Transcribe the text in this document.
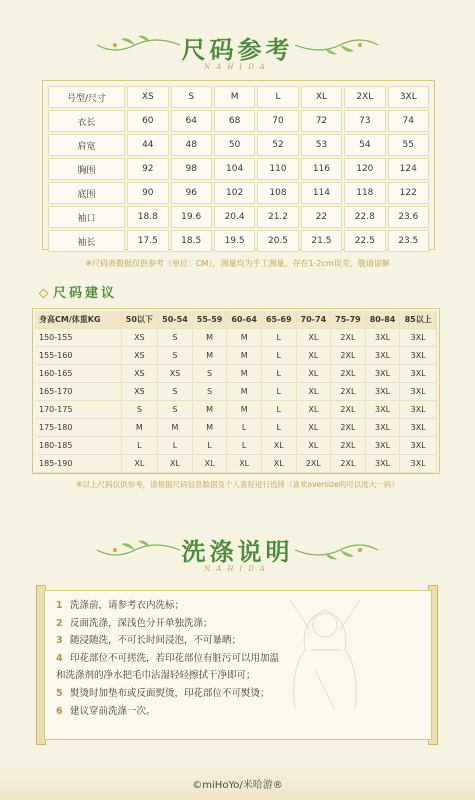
尺码参考
NAHIDA
号型/尺寸	XS	S	M	L	XL	2XL	3XL
衣长	60	64	68	70	72	73	74
肩宽	44	48	50	52	53	54	55
胸围	92	98	104	110	116	120	124
底围	90	96	102	108	114	118	122
袖口	18.8	19.6	20.4	21.2	22	22.8	23.6
袖长	17.5	18.5	19.5	20.5	21.5	22.5	23.5
※尺码表数据仅供参考（单位：CM），测量均为手工测量，存在1-2cm误差，敬请谅解
尺码建议
身高CM/体重KG	50以下	50-54	55-59	60-64	65-69	70-74	75-79	80-84	85以上
150-155	XS	S	M	M	L	XL	2XL	3XL	3XL
155-160	XS	S	M	M	L	XL	2XL	3XL	3XL
160-165	XS	XS	S	M	L	XL	2XL	3XL	3XL
165-170	XS	S	S	M	L	XL	2XL	3XL	3XL
170-175	S	S	M	M	L	XL	2XL	3XL	3XL
175-180	M	M	M	L	L	XL	2XL	3XL	3XL
180-185	L	L	L	L	XL	XL	2XL	3XL	3XL
185-190	XL	XL	XL	XL	XL	2XL	2XL	3XL	3XL
※以上尺码仅供参考，请根据尺码信息数据及个人喜好进行选择（喜欢oversize的可以选大一码）
洗涤说明
NAHIDA
1 洗涤前，请参考衣内洗标；
2 反面洗涤，深浅色分开单独洗涤；
3 随浸随洗，不可长时间浸泡，不可暴晒；
4 印花部位不可搓洗，若印花部位有脏污可以用加温
和洗涤剂的净水把毛巾沾湿轻轻擦拭干净即可；
5 熨烫时加垫布或反面熨烫，印花部位不可熨烫；
6 建议穿前洗涤一次。
©miHoYo/米哈游®
